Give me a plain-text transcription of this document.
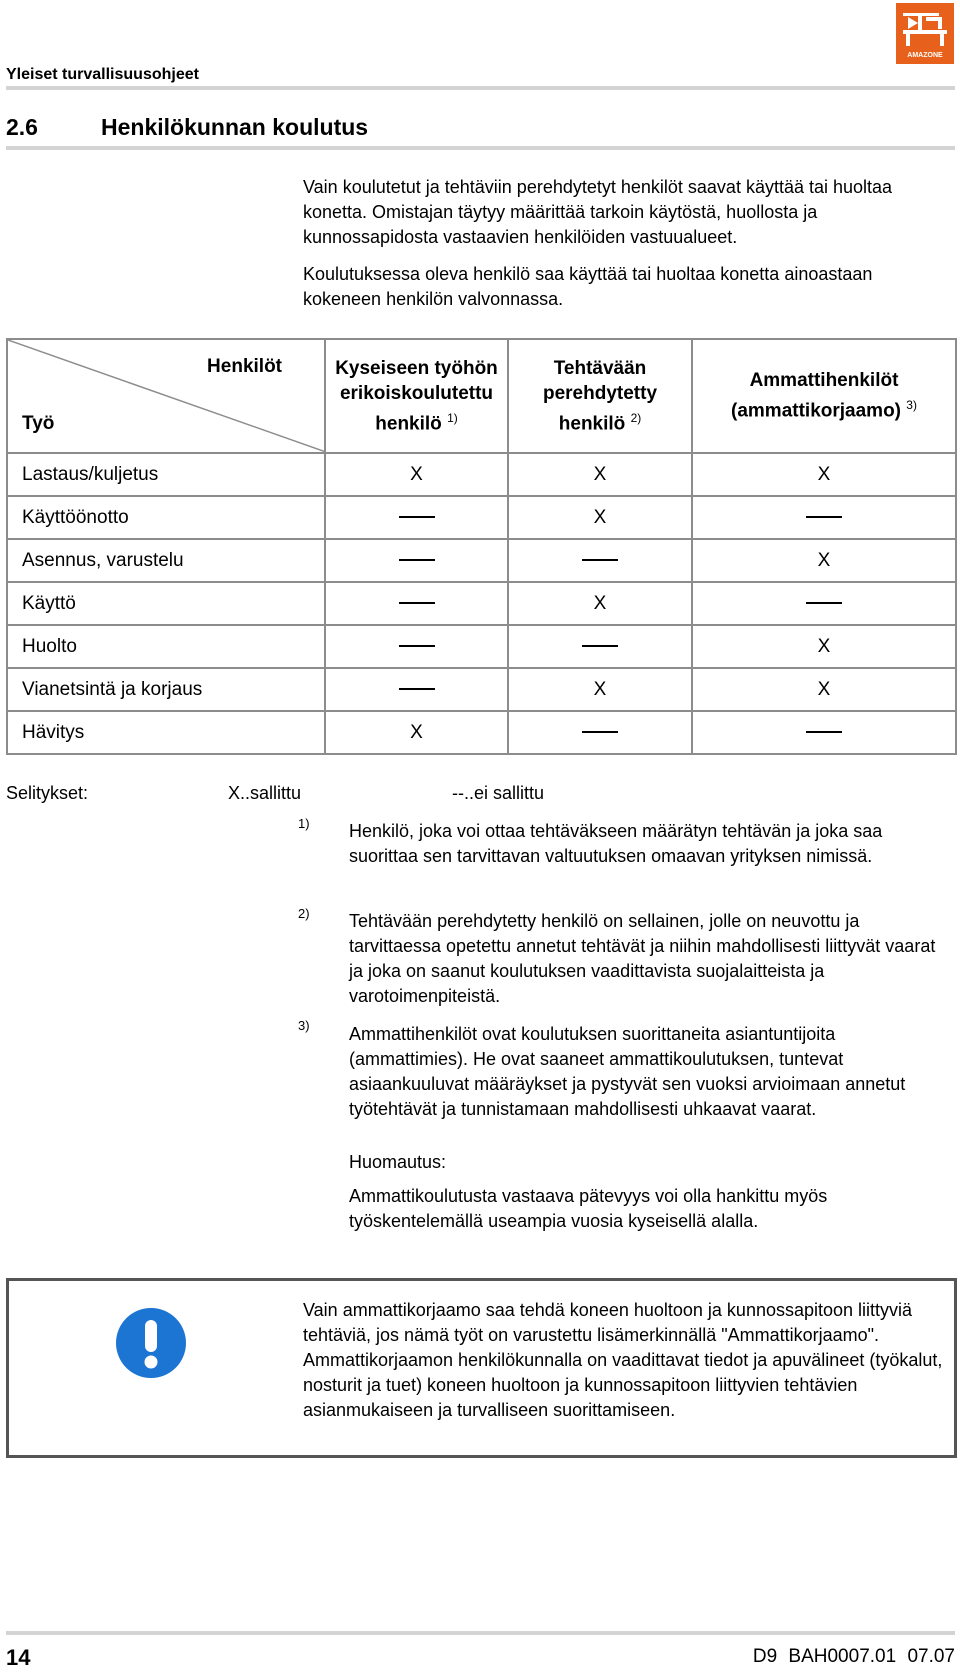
Yleiset turvallisuusohjeet
AMAZONE
2.6	Henkilökunnan koulutus
Vain koulutetut ja tehtäviin perehdytetyt henkilöt saavat käyttää tai huoltaa konetta. Omistajan täytyy määrittää tarkoin käytöstä, huollosta ja kunnossapidosta vastaavien henkilöiden vastuualueet.
Koulutuksessa oleva henkilö saa käyttää tai huoltaa konetta ainoastaan kokeneen henkilön valvonnassa.
Henkilöt
Työ	Kyseiseen työhön erikoiskoulutettu henkilö $^{1)}$	Tehtävään perehdytetty henkilö $^{2)}$	Ammattihenkilöt (ammattikorjaamo) $^{3)}$
Lastaus/kuljetus	X	X	X
Käyttöönotto		X	
Asennus, varustelu			X
Käyttö		X	
Huolto			X
Vianetsintä ja korjaus		X	X
Hävitys	X		
Selitykset:	X..sallittu	--..ei sallittu
1) Henkilö, joka voi ottaa tehtäväkseen määrätyn tehtävän ja joka saa suorittaa sen tarvittavan valtuutuksen omaavan yrityksen nimissä.
2) Tehtävään perehdytetty henkilö on sellainen, jolle on neuvottu ja tarvittaessa opetettu annetut tehtävät ja niihin mahdollisesti liittyvät vaarat ja joka on saanut koulutuksen vaadittavista suojalaitteista ja varotoimenpiteistä.
3) Ammattihenkilöt ovat koulutuksen suorittaneita asiantuntijoita (ammattimies). He ovat saaneet ammattikoulutuksen, tuntevat asiaankuuluvat määräykset ja pystyvät sen vuoksi arvioimaan annetut työtehtävät ja tunnistamaan mahdollisesti uhkaavat vaarat.
Huomautus:
Ammattikoulutusta vastaava pätevyys voi olla hankittu myös työskentelemällä useampia vuosia kyseisellä alalla.
Vain ammattikorjaamo saa tehdä koneen huoltoon ja kunnossapitoon liittyviä tehtäviä, jos nämä työt on varustettu lisämerkinnällä "Ammattikorjaamo". Ammattikorjaamon henkilökunnalla on vaadittavat tiedot ja apuvälineet (työkalut, nosturit ja tuet) koneen huoltoon ja kunnossapitoon liittyvien tehtävien asianmukaiseen ja turvalliseen suorittamiseen.
14	D9 BAH0007.01 07.07
